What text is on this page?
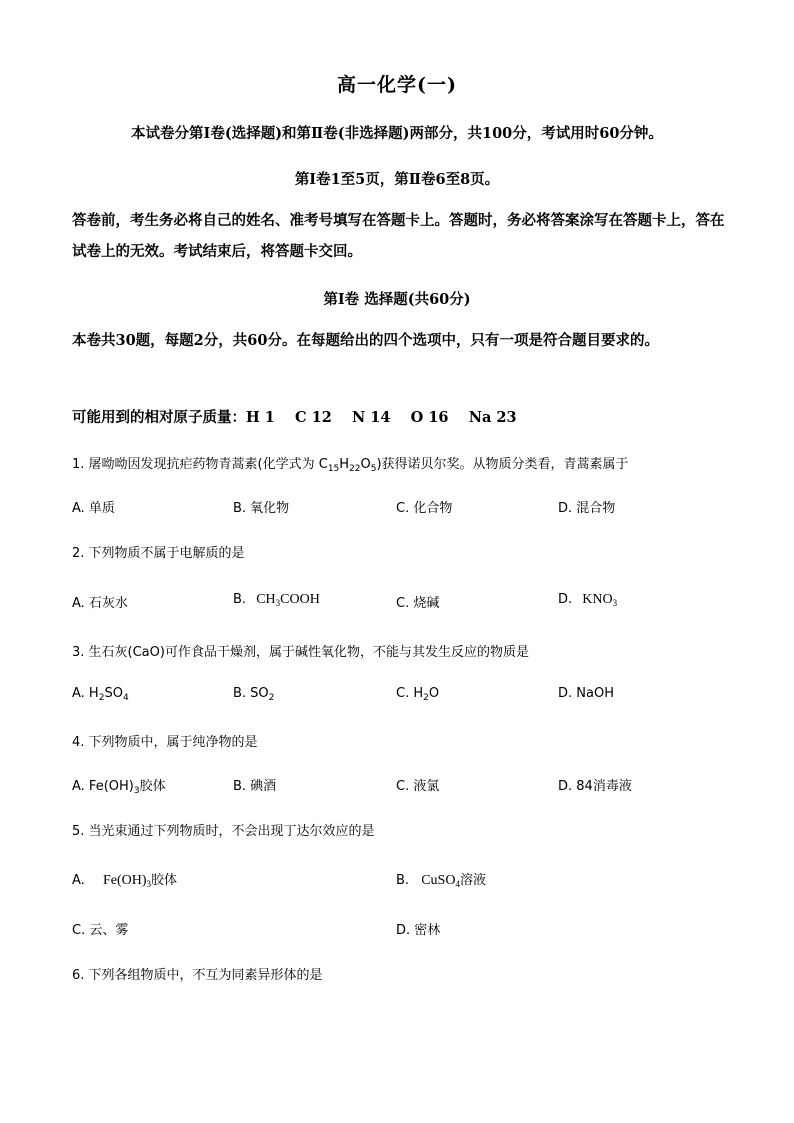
高一化学(一)
本试卷分第Ⅰ卷(选择题)和第Ⅱ卷(非选择题)两部分，共100分，考试用时60分钟。
第Ⅰ卷1至5页，第Ⅱ卷6至8页。
答卷前，考生务必将自己的姓名、准考号填写在答题卡上。答题时，务必将答案涂写在答题卡上，答在试卷上的无效。考试结束后，将答题卡交回。
第Ⅰ卷 选择题(共60分)
本卷共30题，每题2分，共60分。在每题给出的四个选项中，只有一项是符合题目要求的。
可能用到的相对原子质量：H 1    C 12    N 14    O 16    Na 23
1. 屠呦呦因发现抗疟药物青蒿素(化学式为 $C_{15}H_{22}O_5$)获得诺贝尔奖。从物质分类看，青蒿素属于
A. 单质	B. 氧化物	C. 化合物	D. 混合物
2. 下列物质不属于电解质的是
A. 石灰水	B. $CH_3COOH$	C. 烧碱	D. $KNO_3$
3. 生石灰(CaO)可作食品干燥剂，属于碱性氧化物，不能与其发生反应的物质是
A. $H_2SO_4$	B. $SO_2$	C. $H_2O$	D. NaOH
4. 下列物质中，属于纯净物的是
A. $Fe(OH)_3$胶体	B. 碘酒	C. 液氯	D. 84消毒液
5. 当光束通过下列物质时，不会出现丁达尔效应的是
A. $Fe(OH)_3$胶体	B. CuSO$_4$溶液
C. 云、雾	D. 密林
6. 下列各组物质中，不互为同素异形体的是
